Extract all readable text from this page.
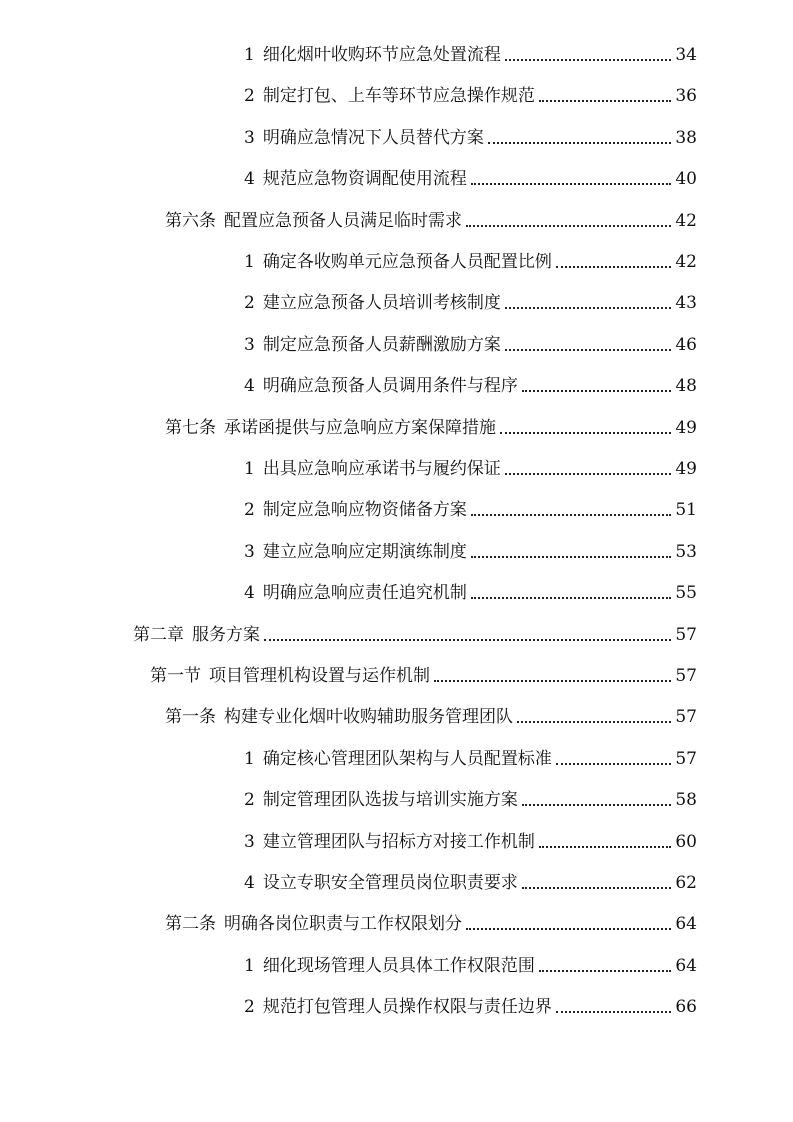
1 细化烟叶收购环节应急处置流程	34
2 制定打包、上车等环节应急操作规范	36
3 明确应急情况下人员替代方案	38
4 规范应急物资调配使用流程	40
第六条 配置应急预备人员满足临时需求	42
1 确定各收购单元应急预备人员配置比例	42
2 建立应急预备人员培训考核制度	43
3 制定应急预备人员薪酬激励方案	46
4 明确应急预备人员调用条件与程序	48
第七条 承诺函提供与应急响应方案保障措施	49
1 出具应急响应承诺书与履约保证	49
2 制定应急响应物资储备方案	51
3 建立应急响应定期演练制度	53
4 明确应急响应责任追究机制	55
第二章 服务方案	57
第一节 项目管理机构设置与运作机制	57
第一条 构建专业化烟叶收购辅助服务管理团队	57
1 确定核心管理团队架构与人员配置标准	57
2 制定管理团队选拔与培训实施方案	58
3 建立管理团队与招标方对接工作机制	60
4 设立专职安全管理员岗位职责要求	62
第二条 明确各岗位职责与工作权限划分	64
1 细化现场管理人员具体工作权限范围	64
2 规范打包管理人员操作权限与责任边界	66
